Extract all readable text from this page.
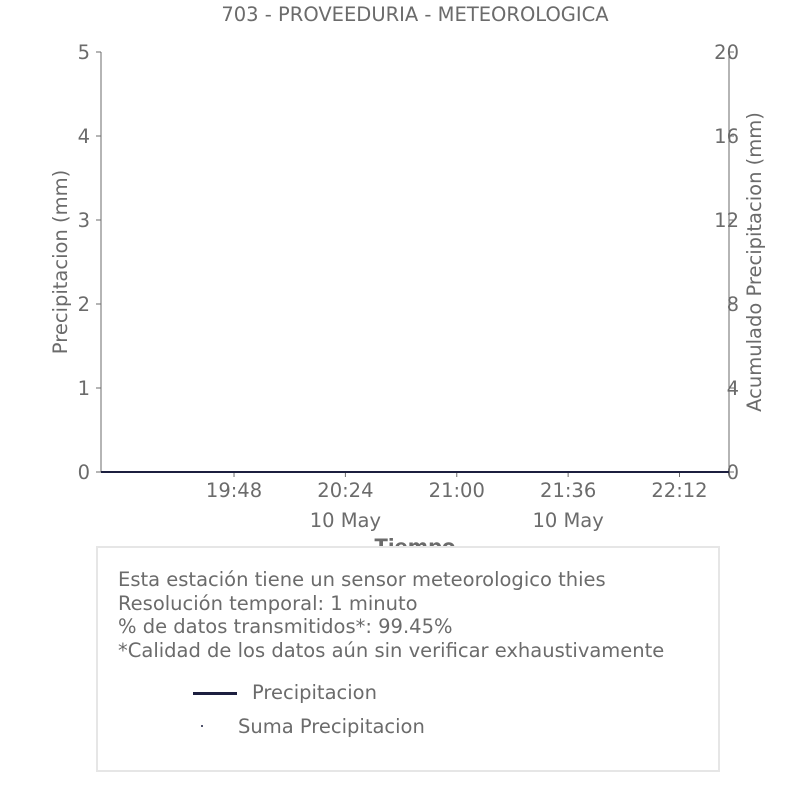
703 - PROVEEDURIA - METEOROLOGICA
0
1
2
3
4
5
0
4
8
12
16
20
19:48	20:24
10 May
21:00	21:36
10 May
22:12
Precipitacion (mm)	Acumulado Precipitacion (mm)
Esta estación tiene un sensor meteorologico thies
Resolución temporal: 1 minuto
% de datos transmitidos*: 99.45%
*Calidad de los datos aún sin verificar exhaustivamente
Precipitacion
Suma Precipitacion
